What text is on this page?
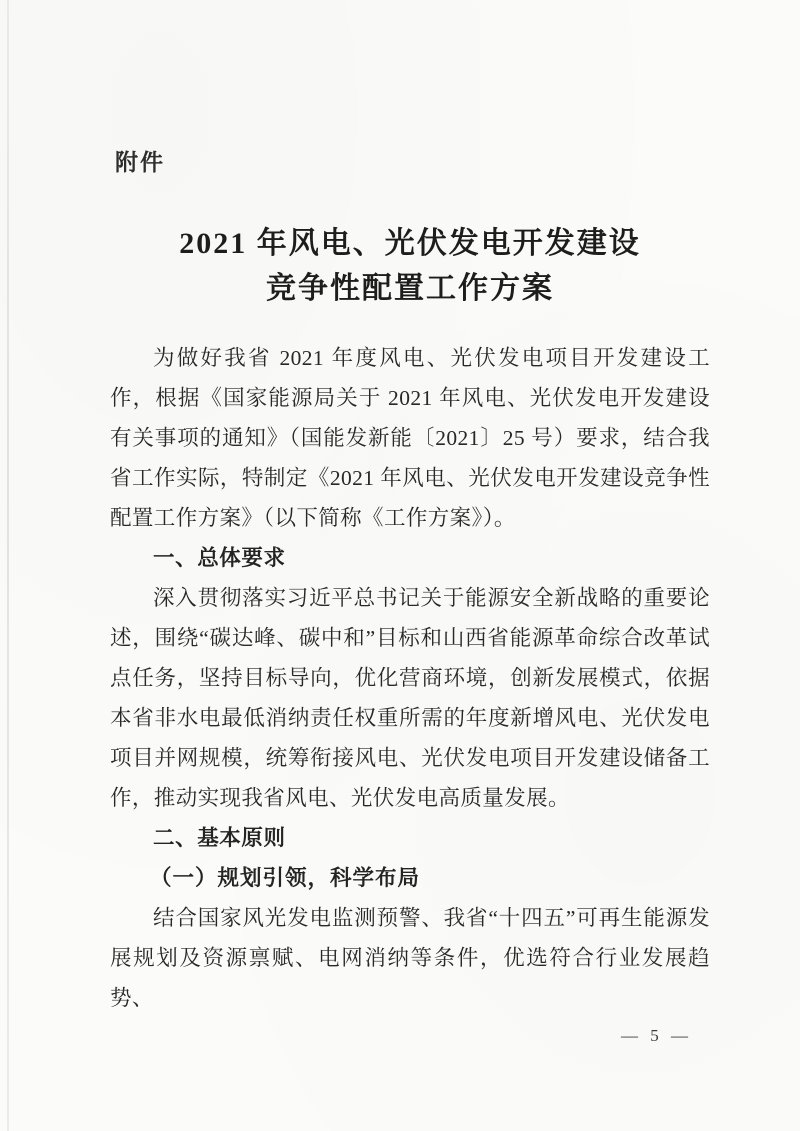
附件
2021 年风电、光伏发电开发建设
竞争性配置工作方案

为做好我省 2021 年度风电、光伏发电项目开发建设工作，根据《国家能源局关于 2021 年风电、光伏发电开发建设有关事项的通知》（国能发新能〔2021〕25 号）要求，结合我省工作实际，特制定《2021 年风电、光伏发电开发建设竞争性配置工作方案》（以下简称《工作方案》）。

一、总体要求

深入贯彻落实习近平总书记关于能源安全新战略的重要论述，围绕“碳达峰、碳中和”目标和山西省能源革命综合改革试点任务，坚持目标导向，优化营商环境，创新发展模式，依据本省非水电最低消纳责任权重所需的年度新增风电、光伏发电项目并网规模，统筹衔接风电、光伏发电项目开发建设储备工作，推动实现我省风电、光伏发电高质量发展。

二、基本原则
（一）规划引领，科学布局

结合国家风光发电监测预警、我省“十四五”可再生能源发展规划及资源禀赋、电网消纳等条件，优选符合行业发展趋势、

— 5 —
